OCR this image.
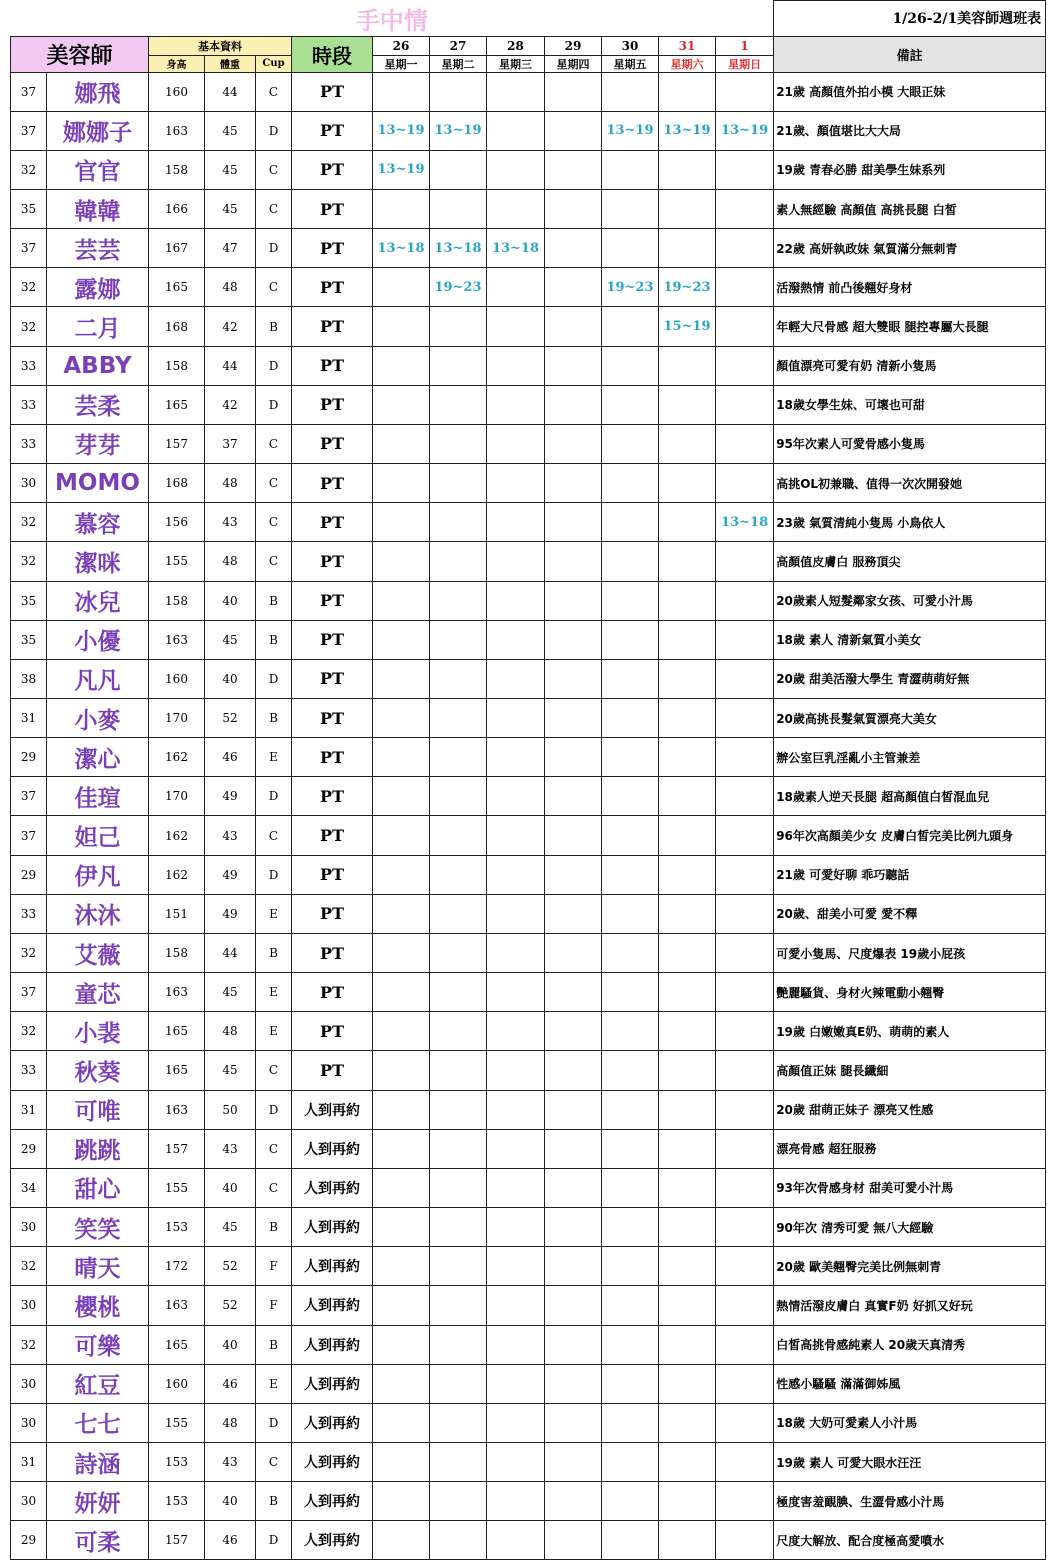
手中情													1/26-2/1美容師週班表
美容師		基本資料			時段	26	27	28	29	30	31	1	備註
		身高	體重	Cup		星期一	星期二	星期三	星期四	星期五	星期六	星期日	
37	娜飛	160	44	C	PT								21歲 高顏值外拍小模 大眼正妹
37	娜娜子	163	45	D	PT	13~19	13~19			13~19	13~19	13~19	21歲、顏值堪比大大局
32	官官	158	45	C	PT	13~19							19歲 青春必勝 甜美學生妹系列
35	韓韓	166	45	C	PT								素人無經驗 高顏值 高挑長腿 白皙
37	芸芸	167	47	D	PT	13~18	13~18	13~18					22歲 高妍執政妹 氣質滿分無刺青
32	露娜	165	48	C	PT		19~23			19~23	19~23		活潑熱情 前凸後翹好身材
32	二月	168	42	B	PT						15~19		年輕大尺骨感 超大雙眼 腿控專屬大長腿
33	ABBY	158	44	D	PT								顏值漂亮可愛有奶 清新小隻馬
33	芸柔	165	42	D	PT								18歲女學生妹、可壞也可甜
33	芽芽	157	37	C	PT								95年次素人可愛骨感小隻馬
30	MOMO	168	48	C	PT								高挑OL初兼職、值得一次次開發她
32	慕容	156	43	C	PT							13~18	23歲 氣質清純小隻馬 小鳥依人
32	潔咪	155	48	C	PT								高顏值皮膚白 服務頂尖
35	冰兒	158	40	B	PT								20歲素人短髮鄰家女孩、可愛小汁馬
35	小優	163	45	B	PT								18歲 素人 清新氣質小美女
38	凡凡	160	40	D	PT								20歲 甜美活潑大學生 青澀萌萌好無
31	小麥	170	52	B	PT								20歲高挑長髮氣質漂亮大美女
29	潔心	162	46	E	PT								辦公室巨乳淫亂小主管兼差
37	佳瑄	170	49	D	PT								18歲素人逆天長腿 超高顏值白皙混血兒
37	妲己	162	43	C	PT								96年次高顏美少女 皮膚白皙完美比例九頭身
29	伊凡	162	49	D	PT								21歲 可愛好聊 乖巧聽話
33	沐沐	151	49	E	PT								20歲、甜美小可愛 愛不釋
32	艾薇	158	44	B	PT								可愛小隻馬、尺度爆表 19歲小屁孩
37	童芯	163	45	E	PT								艷麗騷貨、身材火辣電動小翹臀
32	小裴	165	48	E	PT								19歲 白嫩嫩真E奶、萌萌的素人
33	秋葵	165	45	C	PT								高顏值正妹 腿長纖細
31	可唯	163	50	D	人到再約								20歲 甜萌正妹子 漂亮又性感
29	跳跳	157	43	C	人到再約								漂亮骨感 超狂服務
34	甜心	155	40	C	人到再約								93年次骨感身材 甜美可愛小汁馬
30	笑笑	153	45	B	人到再約								90年次 清秀可愛 無八大經驗
32	晴天	172	52	F	人到再約								20歲 歐美翹臀完美比例無刺青
30	櫻桃	163	52	F	人到再約								熱情活潑皮膚白 真實F奶 好抓又好玩
32	可樂	165	40	B	人到再約								白皙高挑骨感純素人 20歲天真清秀
30	紅豆	160	46	E	人到再約								性感小騷騷 滿滿御姊風
30	七七	155	48	D	人到再約								18歲 大奶可愛素人小汁馬
31	詩涵	153	43	C	人到再約								19歲 素人 可愛大眼水汪汪
30	妍妍	153	40	B	人到再約								極度害羞靦腆、生澀骨感小汁馬
29	可柔	157	46	D	人到再約								尺度大解放、配合度極高愛噴水
